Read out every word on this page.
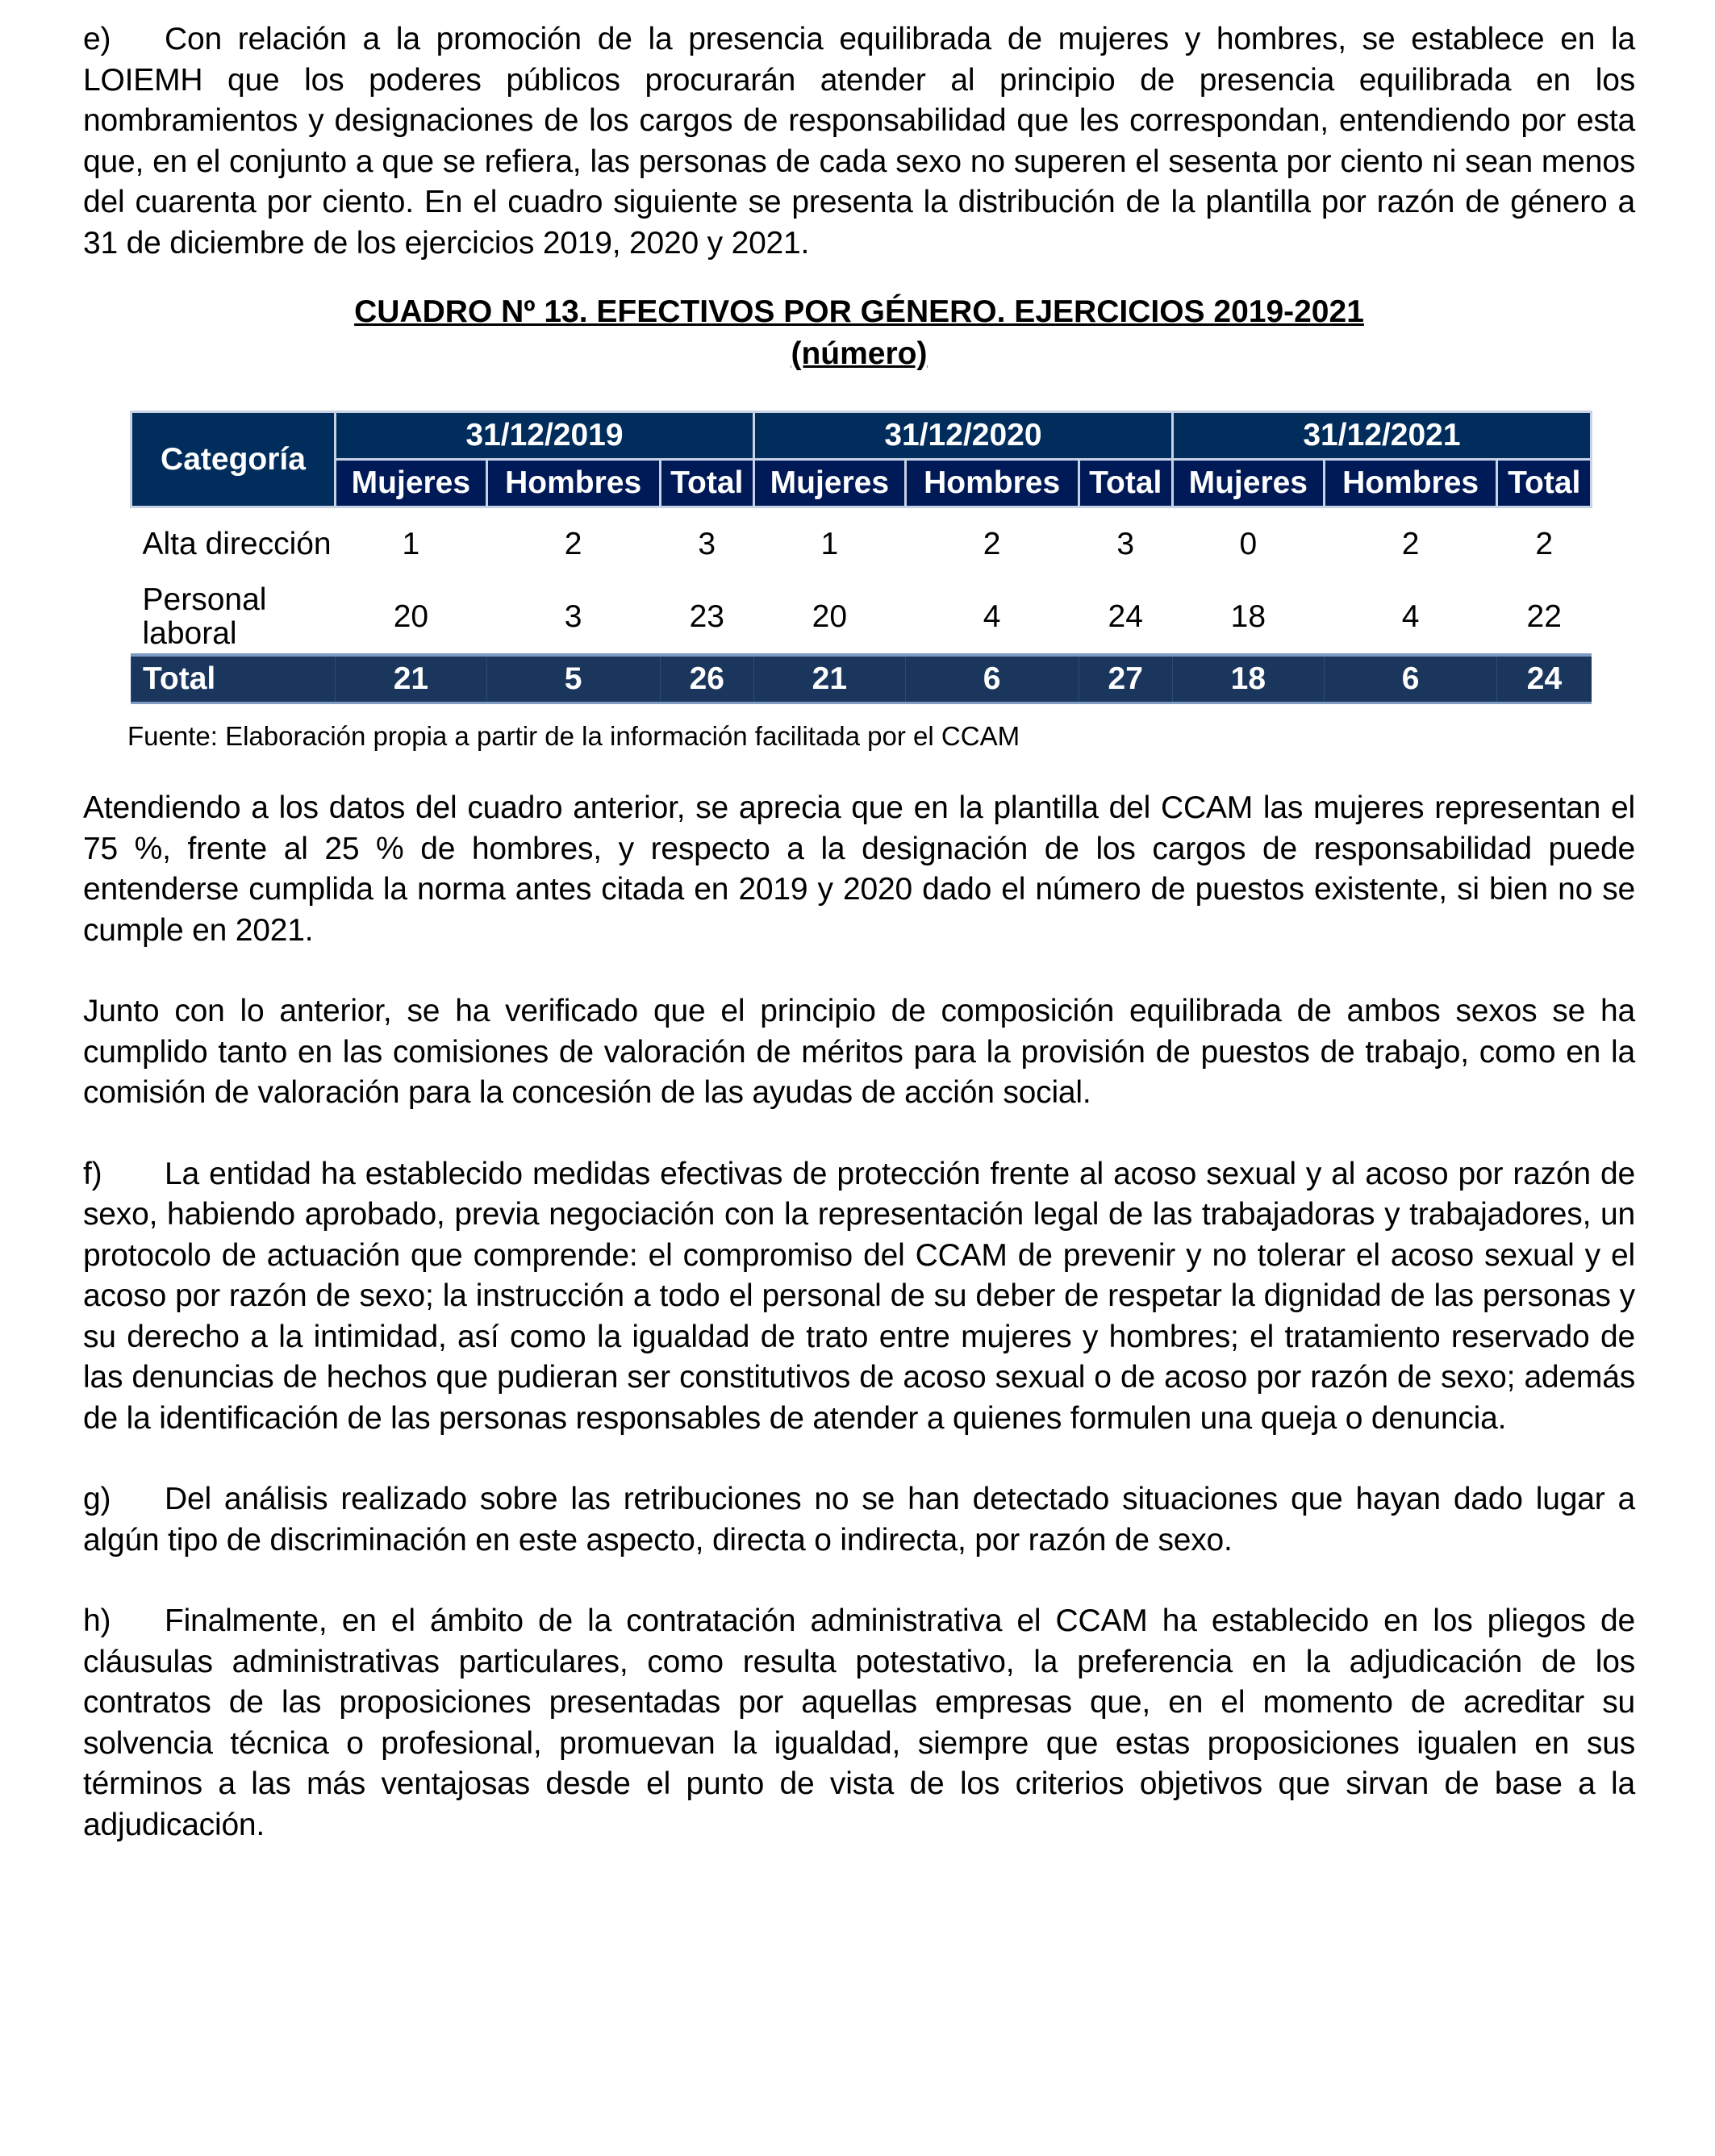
e) Con relación a la promoción de la presencia equilibrada de mujeres y hombres, se establece en la LOIEMH que los poderes públicos procurarán atender al principio de presencia equilibrada en los nombramientos y designaciones de los cargos de responsabilidad que les correspondan, entendiendo por esta que, en el conjunto a que se refiera, las personas de cada sexo no superen el sesenta por ciento ni sean menos del cuarenta por ciento. En el cuadro siguiente se presenta la distribución de la plantilla por razón de género a 31 de diciembre de los ejercicios 2019, 2020 y 2021.

CUADRO Nº 13. EFECTIVOS POR GÉNERO. EJERCICIOS 2019-2021

(número)

Categoría	31/12/2019			31/12/2020			31/12/2021		
	Mujeres	Hombres	Total	Mujeres	Hombres	Total	Mujeres	Hombres	Total
Alta dirección	1	2	3	1	2	3	0	2	2
Personal laboral	20	3	23	20	4	24	18	4	22
Total	21	5	26	21	6	27	18	6	24

Fuente: Elaboración propia a partir de la información facilitada por el CCAM

Atendiendo a los datos del cuadro anterior, se aprecia que en la plantilla del CCAM las mujeres representan el 75 %, frente al 25 % de hombres, y respecto a la designación de los cargos de responsabilidad puede entenderse cumplida la norma antes citada en 2019 y 2020 dado el número de puestos existente, si bien no se cumple en 2021.

Junto con lo anterior, se ha verificado que el principio de composición equilibrada de ambos sexos se ha cumplido tanto en las comisiones de valoración de méritos para la provisión de puestos de trabajo, como en la comisión de valoración para la concesión de las ayudas de acción social.

f) La entidad ha establecido medidas efectivas de protección frente al acoso sexual y al acoso por razón de sexo, habiendo aprobado, previa negociación con la representación legal de las trabajadoras y trabajadores, un protocolo de actuación que comprende: el compromiso del CCAM de prevenir y no tolerar el acoso sexual y el acoso por razón de sexo; la instrucción a todo el personal de su deber de respetar la dignidad de las personas y su derecho a la intimidad, así como la igualdad de trato entre mujeres y hombres; el tratamiento reservado de las denuncias de hechos que pudieran ser constitutivos de acoso sexual o de acoso por razón de sexo; además de la identificación de las personas responsables de atender a quienes formulen una queja o denuncia.

g) Del análisis realizado sobre las retribuciones no se han detectado situaciones que hayan dado lugar a algún tipo de discriminación en este aspecto, directa o indirecta, por razón de sexo.

h) Finalmente, en el ámbito de la contratación administrativa el CCAM ha establecido en los pliegos de cláusulas administrativas particulares, como resulta potestativo, la preferencia en la adjudicación de los contratos de las proposiciones presentadas por aquellas empresas que, en el momento de acreditar su solvencia técnica o profesional, promuevan la igualdad, siempre que estas proposiciones igualen en sus términos a las más ventajosas desde el punto de vista de los criterios objetivos que sirvan de base a la adjudicación.
